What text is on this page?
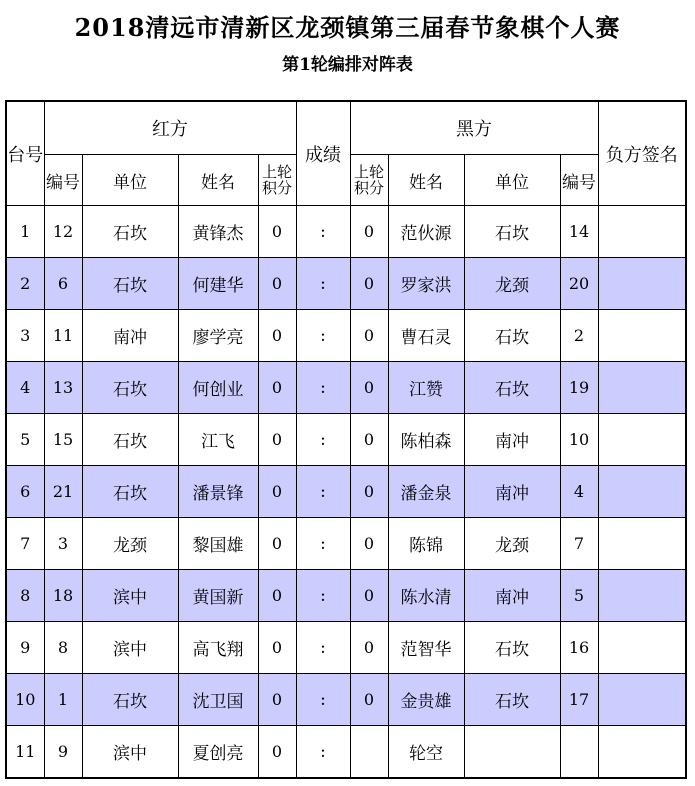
2018清远市清新区龙颈镇第三届春节象棋个人赛
第1轮编排对阵表
台号	红方				成绩	黑方				负方签名
	编号	单位	姓名	上轮积分		上轮积分	姓名	单位	编号	
1	12	石坎	黄锋杰	0	:	0	范伙源	石坎	14	
2	6	石坎	何建华	0	:	0	罗家洪	龙颈	20	
3	11	南冲	廖学亮	0	:	0	曹石灵	石坎	2	
4	13	石坎	何创业	0	:	0	江赞	石坎	19	
5	15	石坎	江飞	0	:	0	陈柏森	南冲	10	
6	21	石坎	潘景锋	0	:	0	潘金泉	南冲	4	
7	3	龙颈	黎国雄	0	:	0	陈锦	龙颈	7	
8	18	滨中	黄国新	0	:	0	陈水清	南冲	5	
9	8	滨中	高飞翔	0	:	0	范智华	石坎	16	
10	1	石坎	沈卫国	0	:	0	金贵雄	石坎	17	
11	9	滨中	夏创亮	0	:		轮空			
